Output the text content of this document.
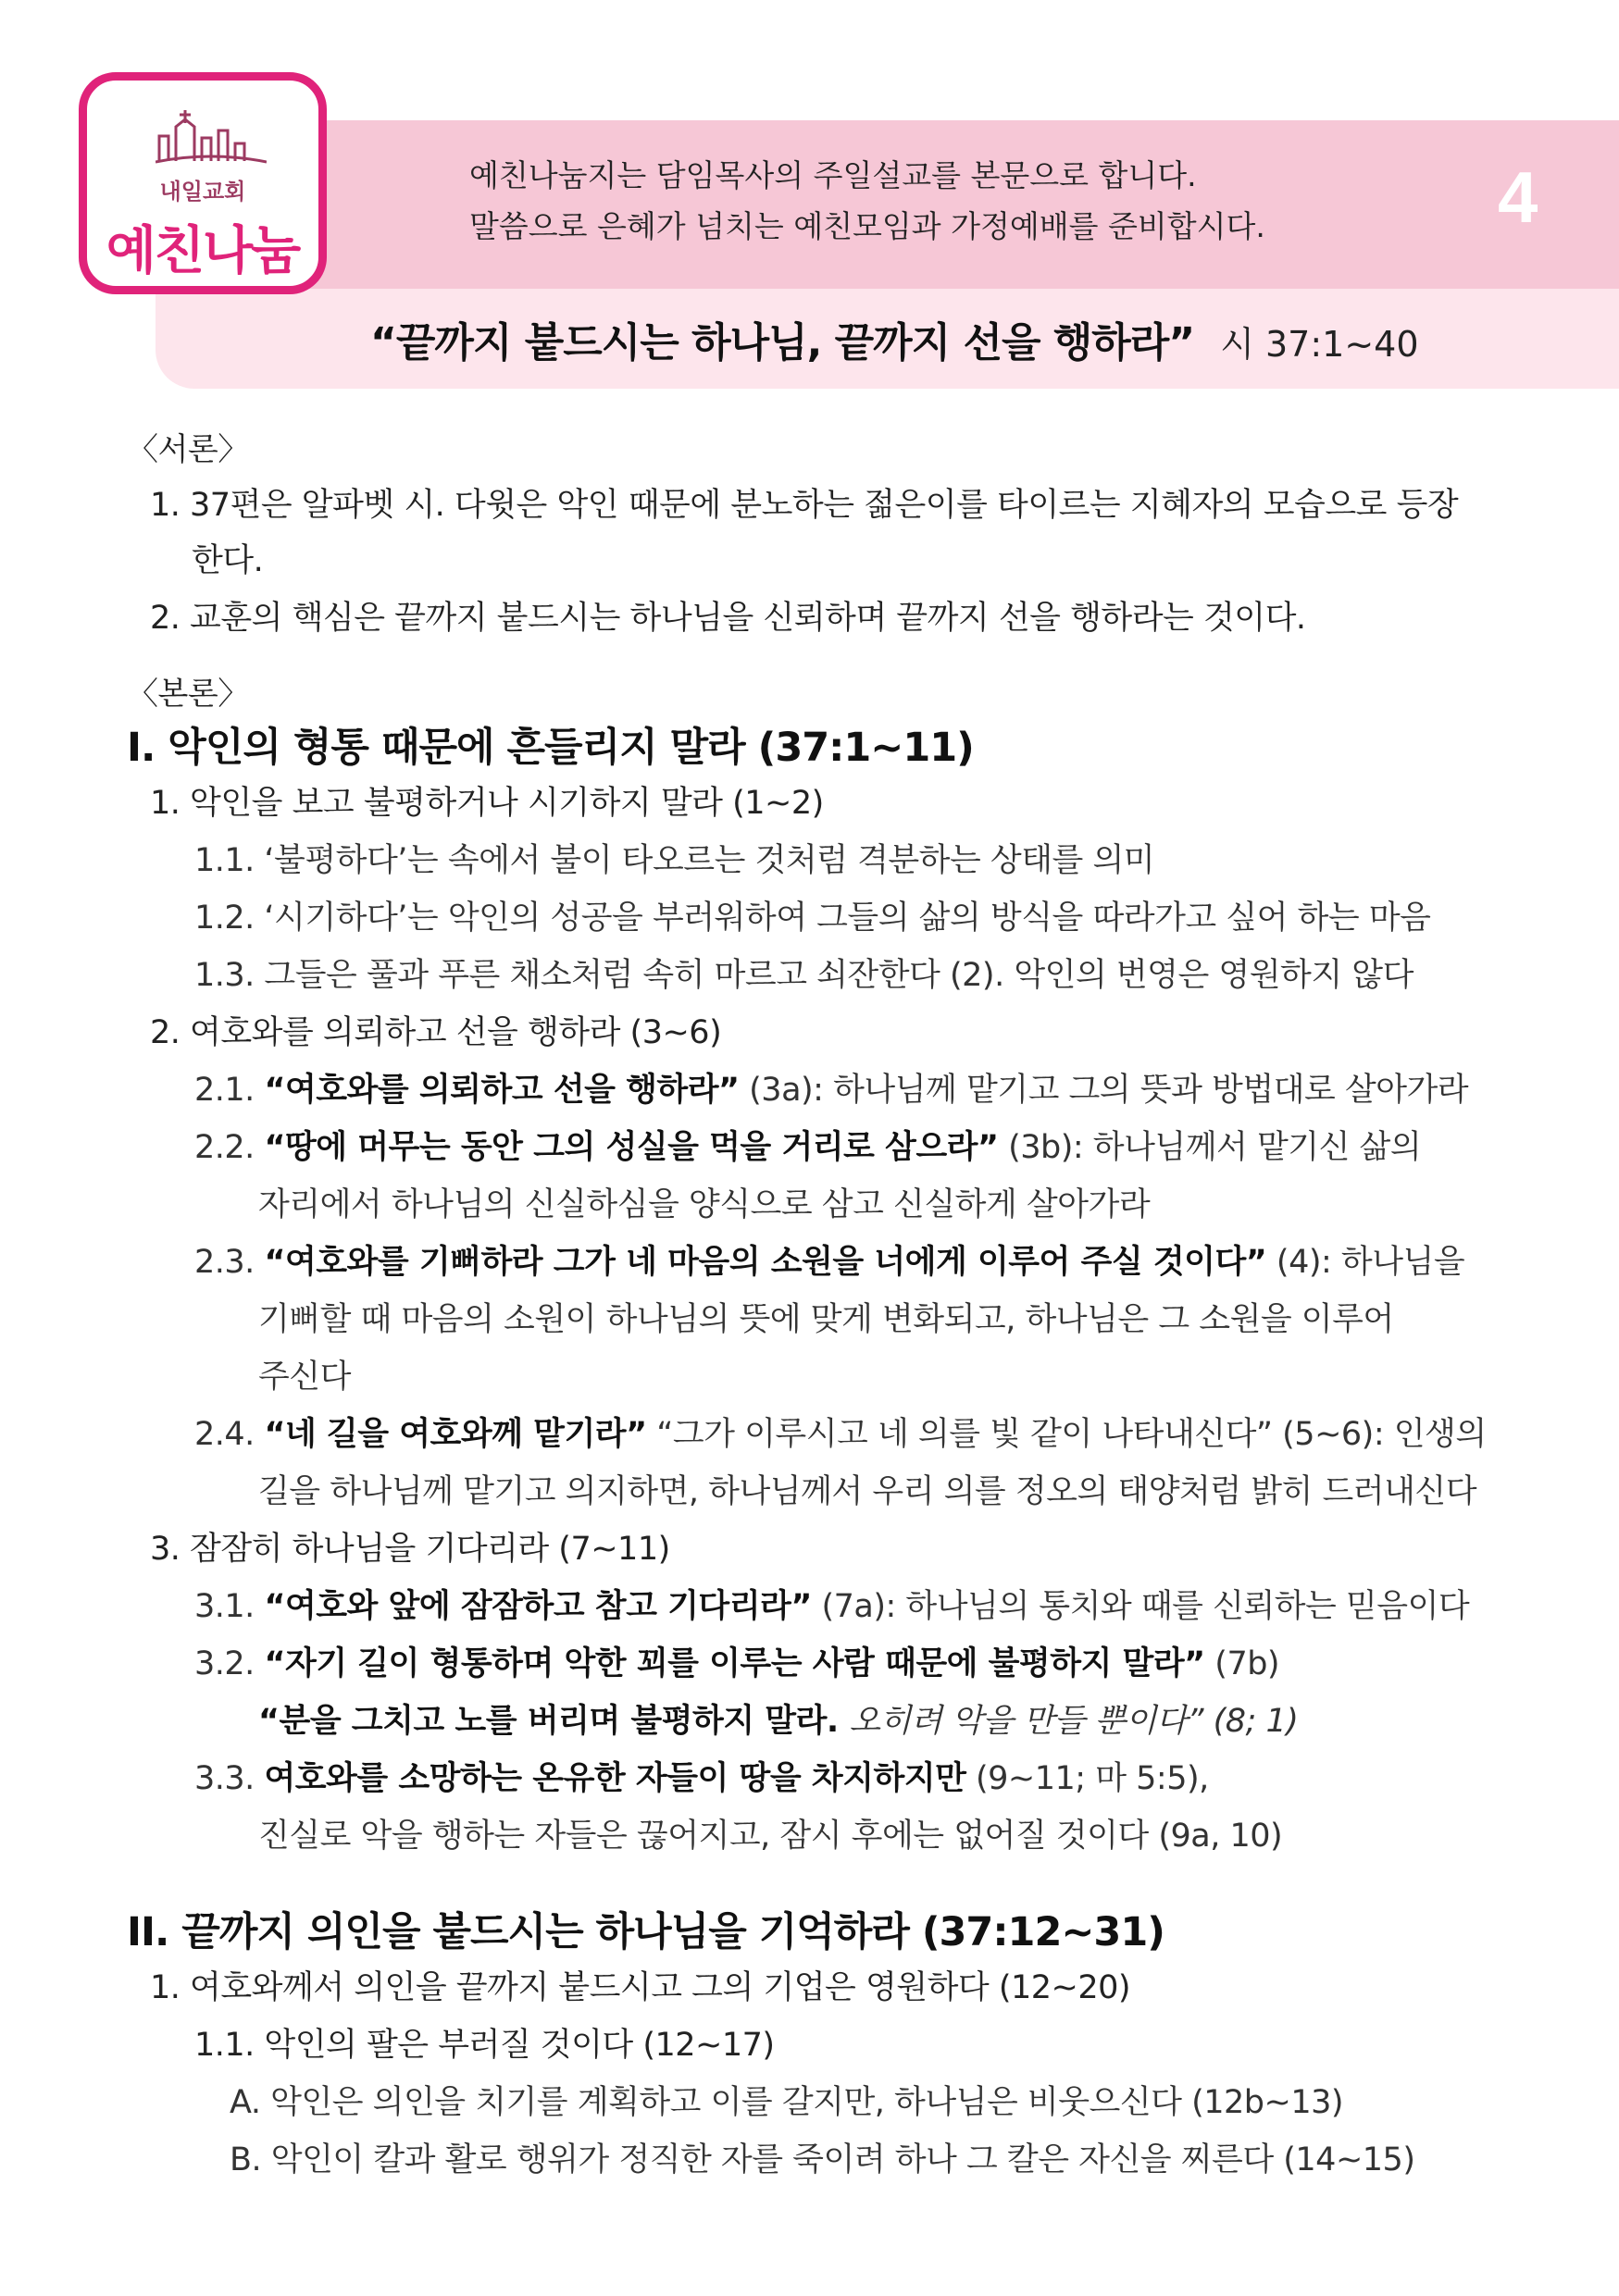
내일교회
예친나눔
예친나눔지는 담임목사의 주일설교를 본문으로 합니다.
말씀으로 은혜가 넘치는 예친모임과 가정예배를 준비합시다.	4
“끝까지 붙드시는 하나님, 끝까지 선을 행하라” 시 37:1~40
〈서론〉
1. 37편은 알파벳 시. 다윗은 악인 때문에 분노하는 젊은이를 타이르는 지혜자의 모습으로 등장
한다.
2. 교훈의 핵심은 끝까지 붙드시는 하나님을 신뢰하며 끝까지 선을 행하라는 것이다.
〈본론〉
I. 악인의 형통 때문에 흔들리지 말라 (37:1~11)
1. 악인을 보고 불평하거나 시기하지 말라 (1~2)
1.1. ‘불평하다’는 속에서 불이 타오르는 것처럼 격분하는 상태를 의미
1.2. ‘시기하다’는 악인의 성공을 부러워하여 그들의 삶의 방식을 따라가고 싶어 하는 마음
1.3. 그들은 풀과 푸른 채소처럼 속히 마르고 쇠잔한다 (2). 악인의 번영은 영원하지 않다
2. 여호와를 의뢰하고 선을 행하라 (3~6)
2.1. “여호와를 의뢰하고 선을 행하라” (3a): 하나님께 맡기고 그의 뜻과 방법대로 살아가라
2.2. “땅에 머무는 동안 그의 성실을 먹을 거리로 삼으라” (3b): 하나님께서 맡기신 삶의
자리에서 하나님의 신실하심을 양식으로 삼고 신실하게 살아가라
2.3. “여호와를 기뻐하라 그가 네 마음의 소원을 너에게 이루어 주실 것이다” (4): 하나님을
기뻐할 때 마음의 소원이 하나님의 뜻에 맞게 변화되고, 하나님은 그 소원을 이루어
주신다
2.4. “네 길을 여호와께 맡기라” “그가 이루시고 네 의를 빛 같이 나타내신다” (5~6): 인생의
길을 하나님께 맡기고 의지하면, 하나님께서 우리 의를 정오의 태양처럼 밝히 드러내신다
3. 잠잠히 하나님을 기다리라 (7~11)
3.1. “여호와 앞에 잠잠하고 참고 기다리라” (7a): 하나님의 통치와 때를 신뢰하는 믿음이다
3.2. “자기 길이 형통하며 악한 꾀를 이루는 사람 때문에 불평하지 말라” (7b)
“분을 그치고 노를 버리며 불평하지 말라. 오히려 악을 만들 뿐이다” (8; 1)
3.3. 여호와를 소망하는 온유한 자들이 땅을 차지하지만 (9~11; 마 5:5),
진실로 악을 행하는 자들은 끊어지고, 잠시 후에는 없어질 것이다 (9a, 10)
II. 끝까지 의인을 붙드시는 하나님을 기억하라 (37:12~31)
1. 여호와께서 의인을 끝까지 붙드시고 그의 기업은 영원하다 (12~20)
1.1. 악인의 팔은 부러질 것이다 (12~17)
A. 악인은 의인을 치기를 계획하고 이를 갈지만, 하나님은 비웃으신다 (12b~13)
B. 악인이 칼과 활로 행위가 정직한 자를 죽이려 하나 그 칼은 자신을 찌른다 (14~15)
